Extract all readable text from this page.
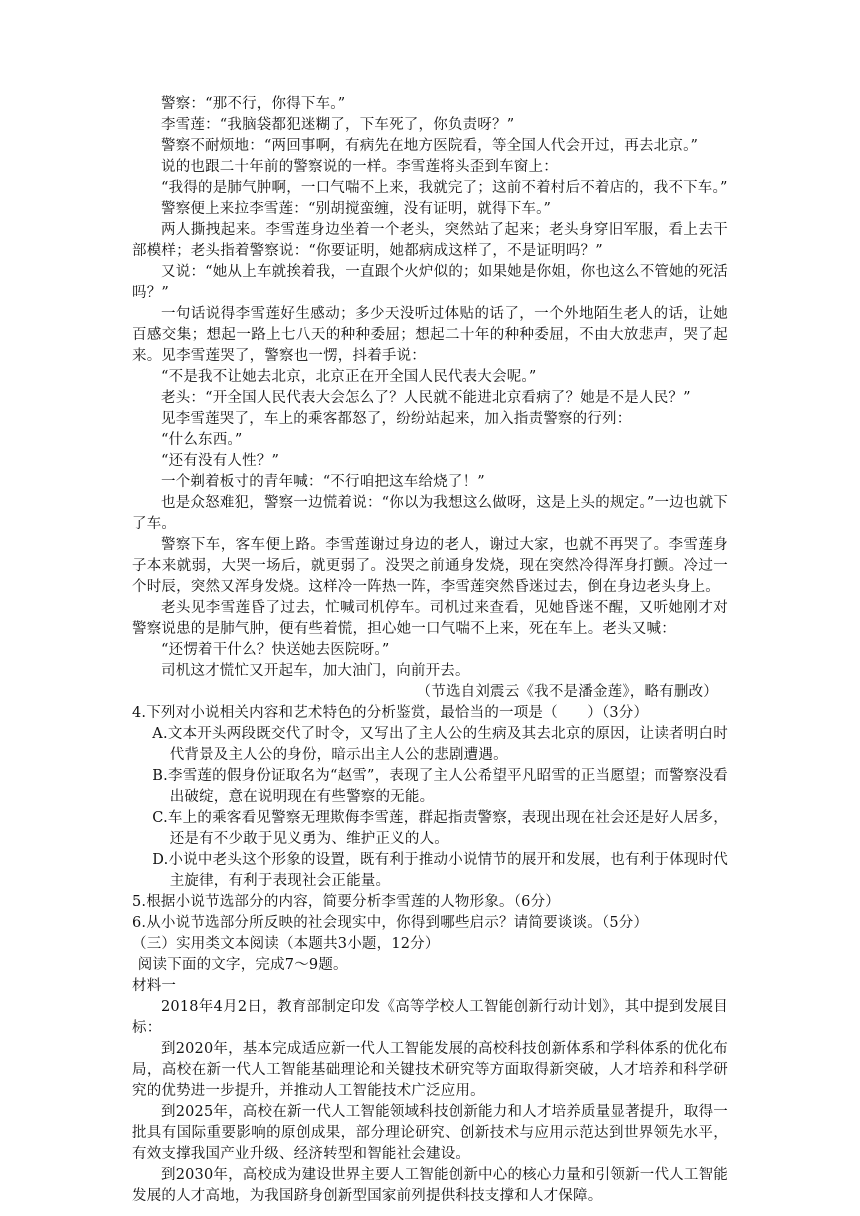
警察：“那不行，你得下车。”

李雪莲：“我脑袋都犯迷糊了，下车死了，你负责呀？”

警察不耐烦地：“两回事啊，有病先在地方医院看，等全国人代会开过，再去北京。”

说的也跟二十年前的警察说的一样。李雪莲将头歪到车窗上：

“我得的是肺气肿啊，一口气喘不上来，我就完了；这前不着村后不着店的，我不下车。”

警察便上来拉李雪莲：“别胡搅蛮缠，没有证明，就得下车。”

两人撕拽起来。李雪莲身边坐着一个老头，突然站了起来；老头身穿旧军服，看上去干部模样；老头指着警察说：“你要证明，她都病成这样了，不是证明吗？”

又说：“她从上车就挨着我，一直跟个火炉似的；如果她是你姐，你也这么不管她的死活吗？”

一句话说得李雪莲好生感动；多少天没听过体贴的话了，一个外地陌生老人的话，让她百感交集；想起一路上七八天的种种委屈；想起二十年的种种委屈，不由大放悲声，哭了起来。见李雪莲哭了，警察也一愣，抖着手说：

“不是我不让她去北京，北京正在开全国人民代表大会呢。”

老头：“开全国人民代表大会怎么了？人民就不能进北京看病了？她是不是人民？”

见李雪莲哭了，车上的乘客都怒了，纷纷站起来，加入指责警察的行列：

“什么东西。”

“还有没有人性？”

一个剃着板寸的青年喊：“不行咱把这车给烧了！”

也是众怒难犯，警察一边慌着说：“你以为我想这么做呀，这是上头的规定。”一边也就下了车。

警察下车，客车便上路。李雪莲谢过身边的老人，谢过大家，也就不再哭了。李雪莲身子本来就弱，大哭一场后，就更弱了。没哭之前通身发烧，现在突然冷得浑身打颤。冷过一个时辰，突然又浑身发烧。这样冷一阵热一阵，李雪莲突然昏迷过去，倒在身边老头身上。

老头见李雪莲昏了过去，忙喊司机停车。司机过来查看，见她昏迷不醒，又听她刚才对警察说患的是肺气肿，便有些着慌，担心她一口气喘不上来，死在车上。老头又喊：

“还愣着干什么？快送她去医院呀。”

司机这才慌忙又开起车，加大油门，向前开去。

（节选自刘震云《我不是潘金莲》，略有删改）

4.下列对小说相关内容和艺术特色的分析鉴赏，最恰当的一项是（　　）（3分）

A.文本开头两段既交代了时令，又写出了主人公的生病及其去北京的原因，让读者明白时代背景及主人公的身份，暗示出主人公的悲剧遭遇。

B.李雪莲的假身份证取名为“赵雪”，表现了主人公希望平凡昭雪的正当愿望；而警察没看出破绽，意在说明现在有些警察的无能。

C.车上的乘客看见警察无理欺侮李雪莲，群起指责警察，表现出现在社会还是好人居多，还是有不少敢于见义勇为、维护正义的人。

D.小说中老头这个形象的设置，既有利于推动小说情节的展开和发展，也有利于体现时代主旋律，有利于表现社会正能量。

5.根据小说节选部分的内容，简要分析李雪莲的人物形象。（6分）

6.从小说节选部分所反映的社会现实中，你得到哪些启示？请简要谈谈。（5分）

（三）实用类文本阅读（本题共3小题，12分）

阅读下面的文字，完成7～9题。

材料一

2018年4月2日，教育部制定印发《高等学校人工智能创新行动计划》，其中提到发展目标：

到2020年，基本完成适应新一代人工智能发展的高校科技创新体系和学科体系的优化布局，高校在新一代人工智能基础理论和关键技术研究等方面取得新突破，人才培养和科学研究的优势进一步提升，并推动人工智能技术广泛应用。

到2025年，高校在新一代人工智能领域科技创新能力和人才培养质量显著提升，取得一批具有国际重要影响的原创成果，部分理论研究、创新技术与应用示范达到世界领先水平，有效支撑我国产业升级、经济转型和智能社会建设。

到2030年，高校成为建设世界主要人工智能创新中心的核心力量和引领新一代人工智能发展的人才高地，为我国跻身创新型国家前列提供科技支撑和人才保障。
